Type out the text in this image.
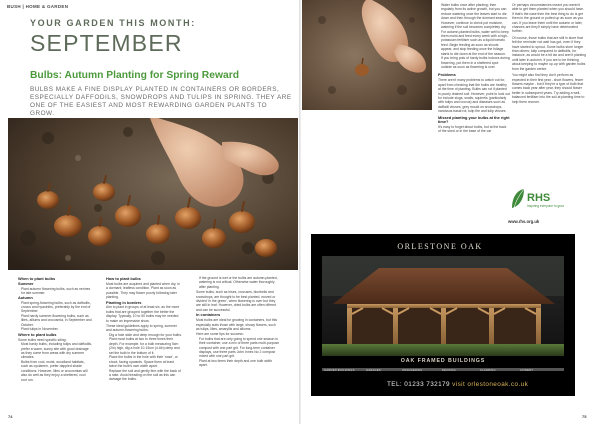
BUSH | HOME & GARDEN
YOUR GARDEN THIS MONTH:
SEPTEMBER
Bulbs: Autumn Planting for Spring Reward
BULBS MAKE A FINE DISPLAY PLANTED IN CONTAINERS OR BORDERS, ESPECIALLY DAFFODILS, SNOWDROPS AND TULIPS IN SPRING. THEY ARE ONE OF THE EASIEST AND MOST REWARDING GARDEN PLANTS TO GROW.
When to plant bulbs
Summer
• Plant autumn flowering bulbs, such as nerines for late summer.
Autumn
• Plant spring-flowering bulbs, such as daffodils, crocus and hyacinths, preferably by the end of September.
• Plant hardy summer-flowering bulbs, such as lilies, alliums and crocosmia, in September and October.
• Plant tulips in November.
Where to plant bulbs
Some bulbs need specific siting:
• Most hardy bulbs, including tulips and daffodils, prefer a warm, sunny site with good drainage as they come from areas with dry summer climates.
• Bulbs from cool, moist, woodland habitats, such as cyclamen, prefer dappled shade conditions. However, lilies or crocosmias will also do well as they enjoy a sheltered, cool root run.
How to plant bulbs
Most bulbs are acquired and planted when dry, in a dormant, leafless condition. Plant as soon as possible. They may flower poorly following later planting.
Planting in borders
Aim to plant in groups of at least six, as the more bulbs that are grouped together the better the display. Typically, 10 to 50 bulbs may be needed to make an impressive show.
These ideal guidelines apply to spring, summer and autumn-flowering bulbs:
• Dig a hole wide and deep enough for your bulbs. Plant most bulbs at two to three times their depth. For example, for a bulb measuring 5cm (2in) high, dig a hole 10-15cm (4-6in) deep and set the bulb in the bottom of it.
• Place the bulbs in the hole with their 'nose', or shoot, facing upwards. Space them at least twice the bulb's own width apart.
• Replace the soil and gently firm with the back of a rake. Avoid treading on the soil as this can damage the bulbs.
• If the ground is wet or the bulbs are autumn-planted, watering is not critical. Otherwise water thoroughly after planting.
Some bulbs, such as irises, crocuses, bluebells and snowdrops, are thought to be best planted, moved or divided 'in the green', when flowering is over but they are still in leaf. However, dried bulbs are often offered and can be successful.
In containers
Most bulbs are ideal for growing in containers, but this especially suits those with large, showy flowers, such as tulips, lilies, amaryllis and alliums.
Here are some tips for success:
• For bulbs that are only going to spend one season in their container, use a mix of three parts multi-purpose compost with one part grit. For long-term container displays, use three parts John Innes No 2 compost mixed with one part grit.
• Plant at two times their depth and one bulb width apart.
74
• Water bulbs once after planting; then regularly from its active growth, but you can reduce watering once the leaves start to die down and then through the dormant season. However, continue to check pot moisture, watering if the soil becomes completely dry.
• For autumn-planted bulbs, water well to keep them moist and feed every week with a high-potassium fertiliser such as a liquid tomato feed. Begin feeding as soon as shoots appear, and stop feeding once the foliage starts to die down at the end of the season.
• If you bring pots of hardy bulbs indoors during flowering, put them in a sheltered spot outside as soon as flowering is over.
Problems
There aren't many problems to watch out for, apart from checking that the bulbs are healthy at the time of planting. Bulbs can rot if planted in poorly drained soil. However, point to look out for include slugs, snails, squirrels (particularly with tulips and crocus) and diseases such as daffodil viruses, grey mould on snowdrops, narcissus basal rot, tulip fire and tulip viruses.
Missed planting your bulbs at the right time?
It's easy to forget about bulbs, but at the back of the shed or in the base of the car
Or perhaps circumstances meant you weren't able to get them planted when you should have. If that's the case then the best thing to do is get them in the ground or potted up as soon as you can. If you leave them until the autumn or later, chances are they'll simply have deteriorated further.
Of course, those bulbs that are still in store that felt the reminder not wait has got, even if they have started to sprout. Some bulbs store longer than others; tulip compared to daffodils, for instance, as would be a bit lax and aren't planting until later in autumn. If you are to be thinking about keeping to maybe up-up with garden bulbs from the garden centre.
You might also find they don't perform as expected in their first year - short flowers, fewer flowers maybe - but if they're a type of bulb that comes back year after year, they should flower better in subsequent years. Try adding a well-balanced fertiliser into the soil at planting time to help them recover.
RHS
Inspiring everyone to grow
www.rhs.org.uk
ORLESTONE OAK
OAK FRAMED BUILDINGS
GARDEN BUILDINGS	GARAGES	ORANGERIES	DECKING	CLADDING	JOINERY
TEL: 01233 732179 visit orlestoneoak.co.uk
75
